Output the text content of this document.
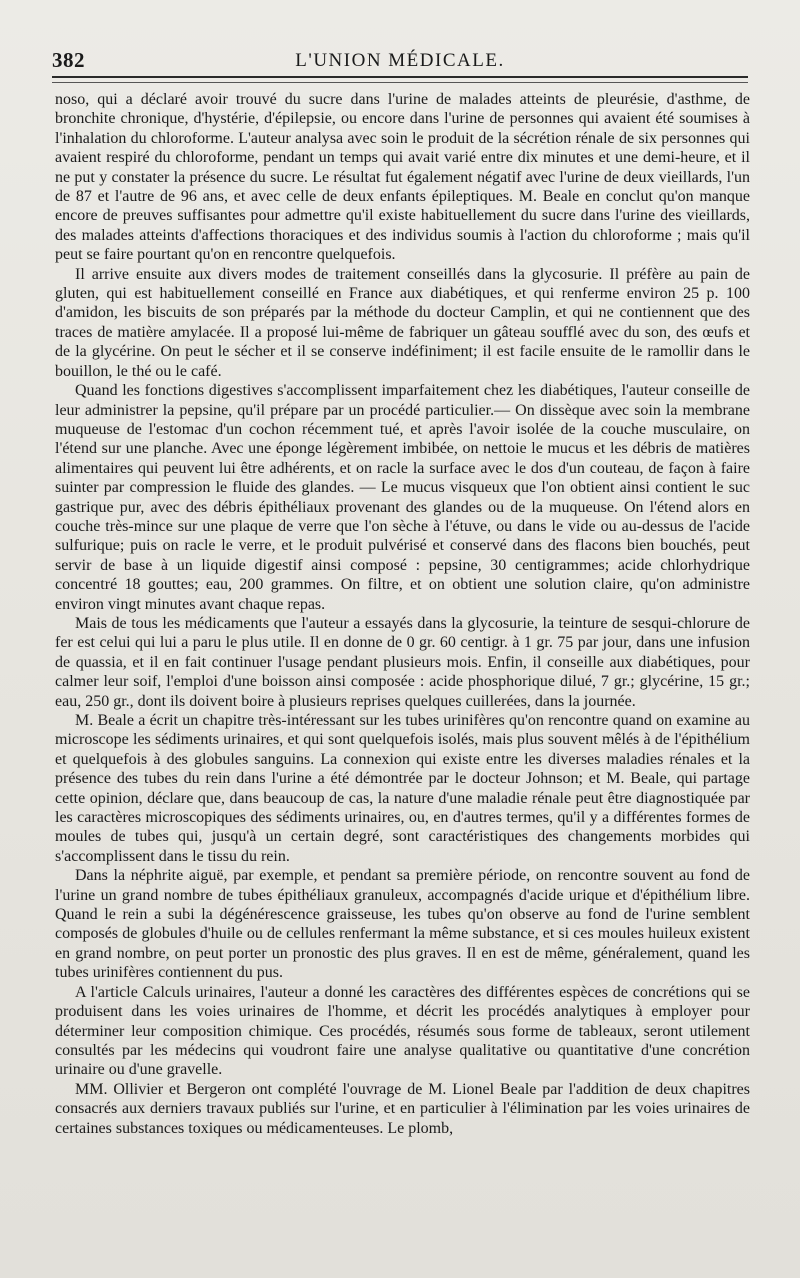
382	L'UNION MÉDICALE.

noso, qui a déclaré avoir trouvé du sucre dans l'urine de malades atteints de pleurésie, d'asthme, de bronchite chronique, d'hystérie, d'épilepsie, ou encore dans l'urine de personnes qui avaient été soumises à l'inhalation du chloroforme. L'auteur analysa avec soin le produit de la sécrétion rénale de six personnes qui avaient respiré du chloroforme, pendant un temps qui avait varié entre dix minutes et une demi-heure, et il ne put y constater la présence du sucre. Le résultat fut également négatif avec l'urine de deux vieillards, l'un de 87 et l'autre de 96 ans, et avec celle de deux enfants épileptiques. M. Beale en conclut qu'on manque encore de preuves suffisantes pour admettre qu'il existe habituellement du sucre dans l'urine des vieillards, des malades atteints d'affections thoraciques et des individus soumis à l'action du chloroforme ; mais qu'il peut se faire pourtant qu'on en rencontre quelquefois.

Il arrive ensuite aux divers modes de traitement conseillés dans la glycosurie. Il préfère au pain de gluten, qui est habituellement conseillé en France aux diabétiques, et qui renferme environ 25 p. 100 d'amidon, les biscuits de son préparés par la méthode du docteur Camplin, et qui ne contiennent que des traces de matière amylacée. Il a proposé lui-même de fabriquer un gâteau soufflé avec du son, des œufs et de la glycérine. On peut le sécher et il se conserve indéfiniment; il est facile ensuite de le ramollir dans le bouillon, le thé ou le café.

Quand les fonctions digestives s'accomplissent imparfaitement chez les diabétiques, l'auteur conseille de leur administrer la pepsine, qu'il prépare par un procédé particulier.— On dissèque avec soin la membrane muqueuse de l'estomac d'un cochon récemment tué, et après l'avoir isolée de la couche musculaire, on l'étend sur une planche. Avec une éponge légèrement imbibée, on nettoie le mucus et les débris de matières alimentaires qui peuvent lui être adhérents, et on racle la surface avec le dos d'un couteau, de façon à faire suinter par compression le fluide des glandes. — Le mucus visqueux que l'on obtient ainsi contient le suc gastrique pur, avec des débris épithéliaux provenant des glandes ou de la muqueuse. On l'étend alors en couche très-mince sur une plaque de verre que l'on sèche à l'étuve, ou dans le vide ou au-dessus de l'acide sulfurique; puis on racle le verre, et le produit pulvérisé et conservé dans des flacons bien bouchés, peut servir de base à un liquide digestif ainsi composé : pepsine, 30 centigrammes; acide chlorhydrique concentré 18 gouttes; eau, 200 grammes. On filtre, et on obtient une solution claire, qu'on administre environ vingt minutes avant chaque repas.

Mais de tous les médicaments que l'auteur a essayés dans la glycosurie, la teinture de sesqui-chlorure de fer est celui qui lui a paru le plus utile. Il en donne de 0 gr. 60 centigr. à 1 gr. 75 par jour, dans une infusion de quassia, et il en fait continuer l'usage pendant plusieurs mois. Enfin, il conseille aux diabétiques, pour calmer leur soif, l'emploi d'une boisson ainsi composée : acide phosphorique dilué, 7 gr.; glycérine, 15 gr.; eau, 250 gr., dont ils doivent boire à plusieurs reprises quelques cuillerées, dans la journée.

M. Beale a écrit un chapitre très-intéressant sur les tubes urinifères qu'on rencontre quand on examine au microscope les sédiments urinaires, et qui sont quelquefois isolés, mais plus souvent mêlés à de l'épithélium et quelquefois à des globules sanguins. La connexion qui existe entre les diverses maladies rénales et la présence des tubes du rein dans l'urine a été démontrée par le docteur Johnson; et M. Beale, qui partage cette opinion, déclare que, dans beaucoup de cas, la nature d'une maladie rénale peut être diagnostiquée par les caractères microscopiques des sédiments urinaires, ou, en d'autres termes, qu'il y a différentes formes de moules de tubes qui, jusqu'à un certain degré, sont caractéristiques des changements morbides qui s'accomplissent dans le tissu du rein.

Dans la néphrite aiguë, par exemple, et pendant sa première période, on rencontre souvent au fond de l'urine un grand nombre de tubes épithéliaux granuleux, accompagnés d'acide urique et d'épithélium libre. Quand le rein a subi la dégénérescence graisseuse, les tubes qu'on observe au fond de l'urine semblent composés de globules d'huile ou de cellules renfermant la même substance, et si ces moules huileux existent en grand nombre, on peut porter un pronostic des plus graves. Il en est de même, généralement, quand les tubes urinifères contiennent du pus.

A l'article Calculs urinaires, l'auteur a donné les caractères des différentes espèces de concrétions qui se produisent dans les voies urinaires de l'homme, et décrit les procédés analytiques à employer pour déterminer leur composition chimique. Ces procédés, résumés sous forme de tableaux, seront utilement consultés par les médecins qui voudront faire une analyse qualitative ou quantitative d'une concrétion urinaire ou d'une gravelle.

MM. Ollivier et Bergeron ont complété l'ouvrage de M. Lionel Beale par l'addition de deux chapitres consacrés aux derniers travaux publiés sur l'urine, et en particulier à l'élimination par les voies urinaires de certaines substances toxiques ou médicamenteuses. Le plomb,
